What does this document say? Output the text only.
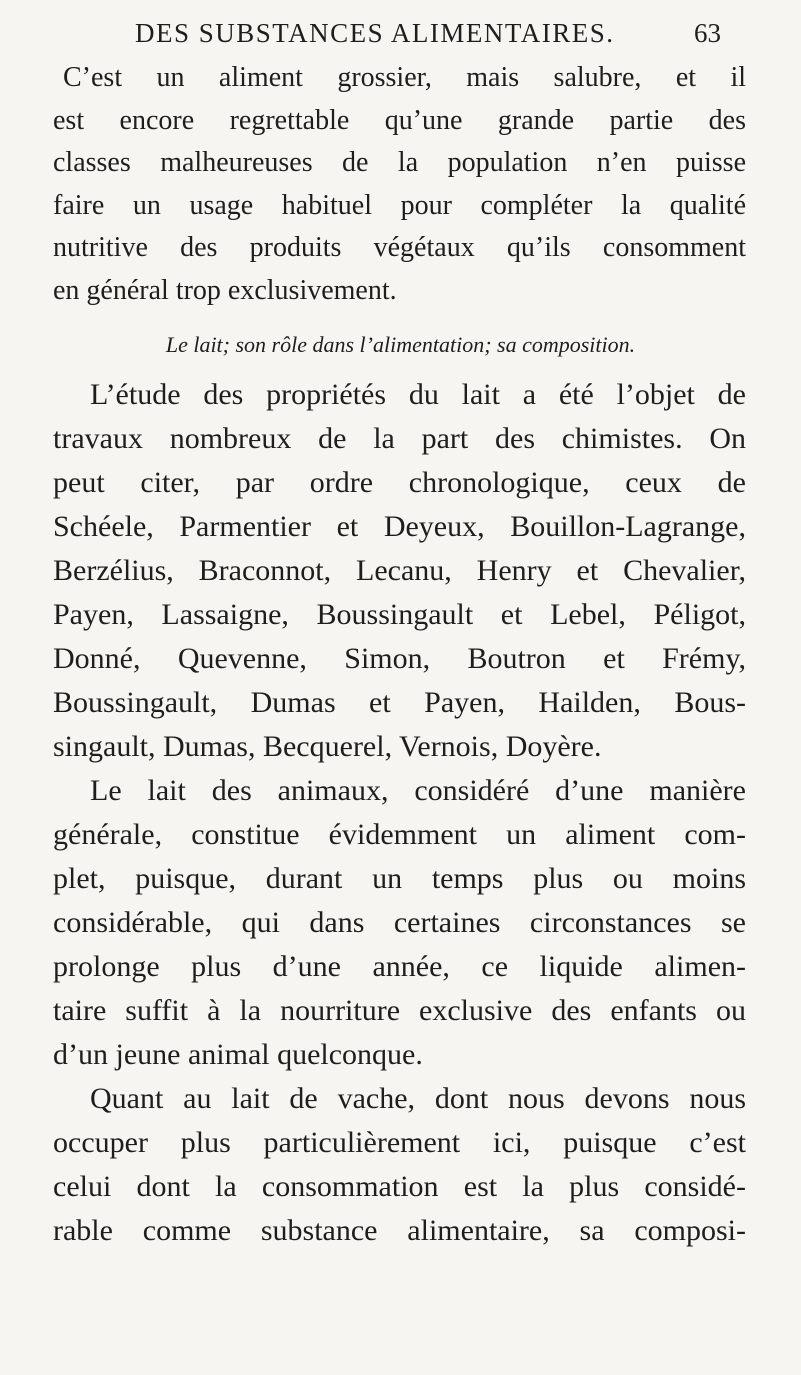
DES SUBSTANCES ALIMENTAIRES.	63
C’est un aliment grossier, mais salubre, et il
est encore regrettable qu’une grande partie des
classes malheureuses de la population n’en puisse
faire un usage habituel pour compléter la qualité
nutritive des produits végétaux qu’ils consomment
en général trop exclusivement.
Le lait; son rôle dans l’alimentation; sa composition.
L’étude des propriétés du lait a été l’objet de
travaux nombreux de la part des chimistes. On
peut citer, par ordre chronologique, ceux de
Schéele, Parmentier et Deyeux, Bouillon-Lagrange,
Berzélius, Braconnot, Lecanu, Henry et Chevalier,
Payen, Lassaigne, Boussingault et Lebel, Péligot,
Donné, Quevenne, Simon, Boutron et Frémy,
Boussingault, Dumas et Payen, Hailden, Bous-
singault, Dumas, Becquerel, Vernois, Doyère.
Le lait des animaux, considéré d’une manière
générale, constitue évidemment un aliment com-
plet, puisque, durant un temps plus ou moins
considérable, qui dans certaines circonstances se
prolonge plus d’une année, ce liquide alimen-
taire suffit à la nourriture exclusive des enfants ou
d’un jeune animal quelconque.
Quant au lait de vache, dont nous devons nous
occuper plus particulièrement ici, puisque c’est
celui dont la consommation est la plus considé-
rable comme substance alimentaire, sa composi-
